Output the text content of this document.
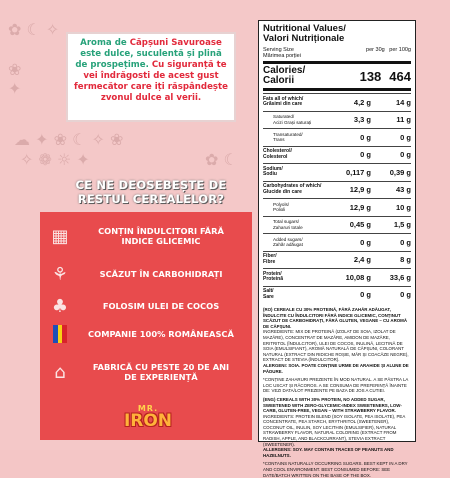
✿ ☾ ✧
☁ ✦ ❀ ☾ ✧ ❀
✧ ❁ ☼ ✦	✿ ☾
❀
✦

Aroma de Căpșuni Savuroase este dulce, suculentă și plină de prospețime. Cu siguranță te vei îndrăgosti de acest gust fermecător care iți răspândește zvonul dulce al verii.

CE NE DEOSEBEȘTE DE RESTUL CEREALELOR?
▦	CONȚIN ÎNDULCITORI FĂRĂ INDICE GLICEMIC
⚘	SCĂZUT ÎN CARBOHIDRAȚI
♣	FOLOSIM ULEI DE COCOS
COMPANIE 100% ROMÂNEASCĂ
⌂	FABRICĂ CU PESTE 20 DE ANI DE EXPERIENȚĂ
MR.
IRON
Nutritional Values/
Valori Nutriționale
Serving Size
Mărimea porției
per 30g per 100g
Calories/
Calorii	138 464
Fats all of which/
Grăsimi din care	4,2 g	14 g
Saturated/
Acizi Grași saturați	3,3 g	11 g
Transaturated/
Trans	0 g	0 g
Cholesterol/
Colesterol	0 g	0 g
Sodium/
Sodiu	0,117 g	0,39 g
Carbohydrates of which/
Glucide din care	12,9 g	43 g
Polyols/
Polioli	12,9 g	10 g
Total sugars/
Zaharuri totale	0,45 g	1,5 g
Added sugars/
Zahăr adăugat	0 g	0 g
Fiber/
Fibre	2,4 g	8 g
Protein/
Proteină	10,08 g	33,6 g
Salt/
Sare	0 g	0 g

(RO) CEREALE CU 30% PROTEINĂ, FĂRĂ ZAHĂR ADĂUGAT, ÎNDULCITE CU ÎNDULCITORI FĂRĂ INDICE GLICEMIC, CONȚINUT SCĂZUT DE CARBOHIDRAȚI, FĂRĂ GLUTEN, VEGANE – CU AROMĂ DE CĂPȘUNI.

INGREDIENTE: MIX DE PROTEINĂ (IZOLAT DE SOIA, IZOLAT DE MAZĂRE), CONCENTRAT DE MAZĂRE, AMIDON DE MAZĂRE, ERITRITOL (ÎNDULCITOR), ULEI DE COCOS, INULINĂ, LECITINĂ DE SOIA (EMULSIFIANT), AROMĂ NATURALĂ DE CĂPȘUNI, COLORANT NATURAL (EXTRACT DIN RIDICHE ROȘIE, MĂR ȘI COACĂZE NEGRE), EXTRACT DE STEVIA (ÎNDULCITOR).

ALERGENI: SOIA. POATE CONȚINE URME DE ARAHIDE ȘI ALUNE DE PĂDURE.

*CONȚINE ZAHARURI PREZENTE ÎN MOD NATURAL. A SE PĂSTRA LA LOC USCAT ȘI RĂCOROS. A SE CONSUMA DE PREFERINȚĂ ÎNAINTE DE: VEZI DATA/LOT PREZENTE PE BAZA DE JOS A CUTIEI.

(ENG) CEREALS WITH 30% PROTEIN, NO ADDED SUGAR, SWEETENED WITH ZERO-GLYCEMIC-INDEX SWEETENERS, LOW-CARB, GLUTEN-FREE, VEGAN – WITH STRAWBERRY FLAVOR.

INGREDIENTS: PROTEIN BLEND (SOY ISOLATE, PEA ISOLATE), PEA CONCENTRATE, PEA STARCH, ERYTHRITOL (SWEETENER), COCONUT OIL, INULIN, SOY LECITHIN (EMULSIFIER), NATURAL STRAWBERRY FLAVOR, NATURAL COLORING (EXTRACT FROM RADISH, APPLE, AND BLACKCURRANT), STEVIA EXTRACT (SWEETENER).

ALLERGENS: SOY. MAY CONTAIN TRACES OF PEANUTS AND HAZELNUTS.

*CONTAINS NATURALLY OCCURRING SUGARS. BEST KEPT IN A DRY AND COOL ENVIRONMENT. BEST CONSUMED BEFORE: SEE DATE/BATCH WRITTEN ON THE BASE OF THE BOX.
